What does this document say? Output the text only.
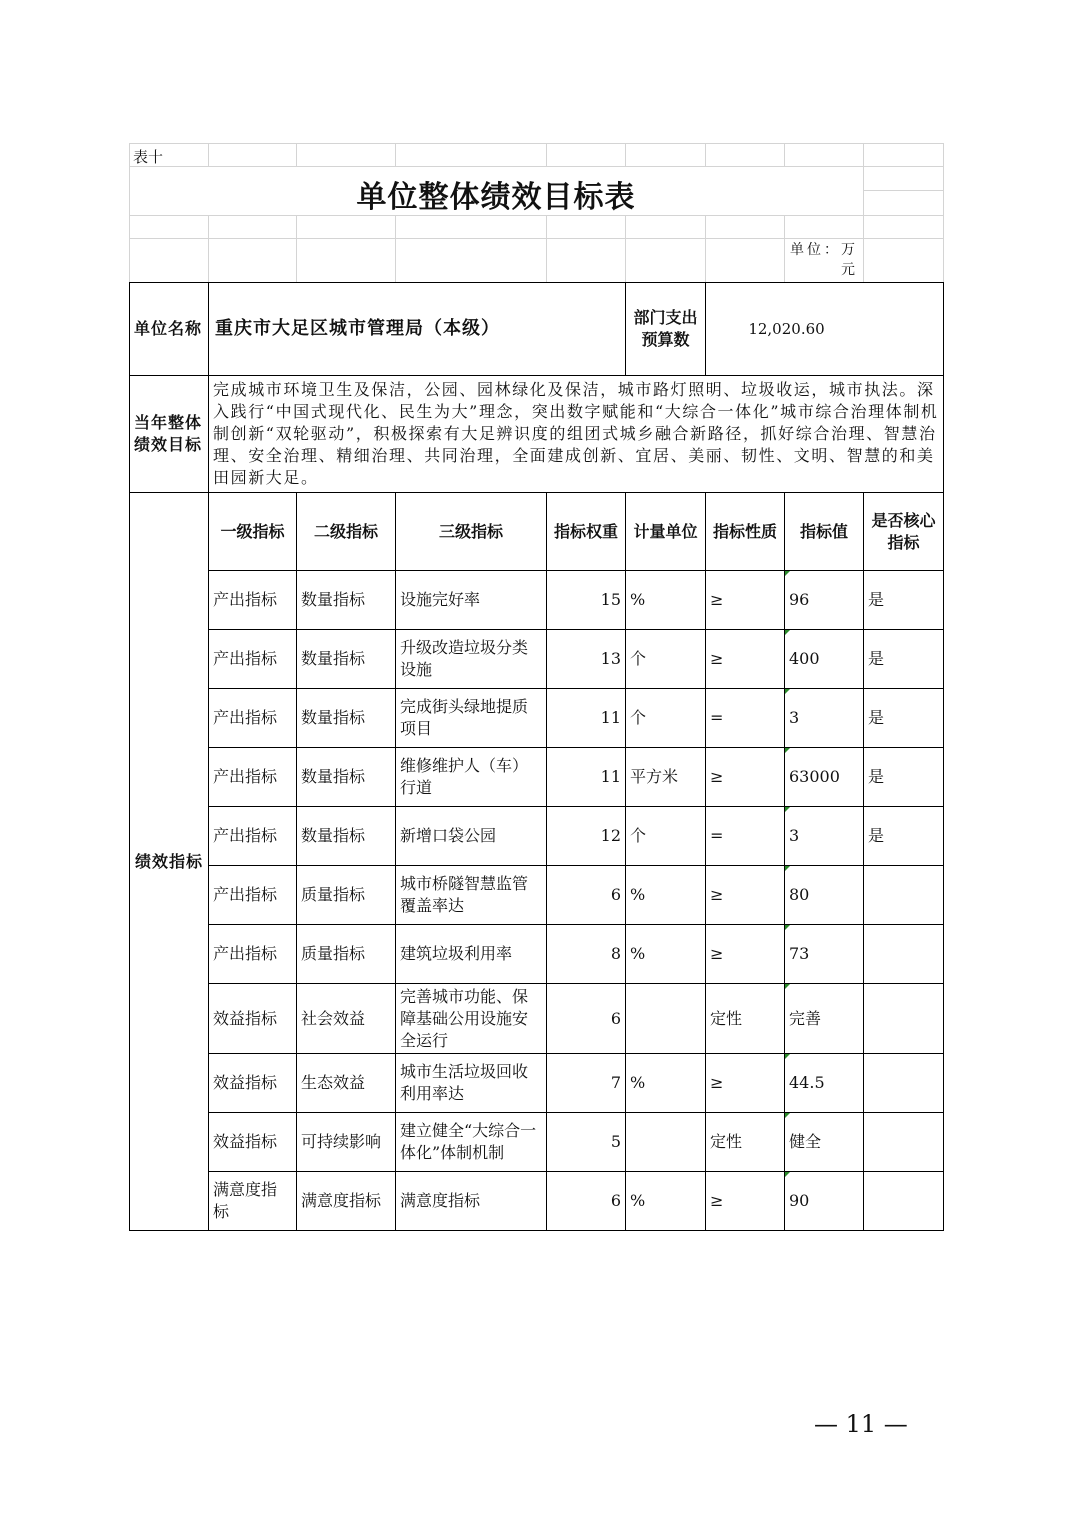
表十
单位整体绩效目标表
单位：万元
单位名称	重庆市大足区城市管理局（本级）				部门支出预算数	12,020.60		
当年整体绩效目标	完成城市环境卫生及保洁，公园、园林绿化及保洁，城市路灯照明、垃圾收运，城市执法。深入践行“中国式现代化、民生为大”理念，突出数字赋能和“大综合一体化”城市综合治理体制机制创新“双轮驱动”，积极探索有大足辨识度的组团式城乡融合新路径，抓好综合治理、智慧治理、安全治理、精细治理、共同治理，全面建成创新、宜居、美丽、韧性、文明、智慧的和美田园新大足。							
绩效指标	一级指标	二级指标	三级指标	指标权重	计量单位	指标性质	指标值	是否核心指标
	产出指标	数量指标	设施完好率	15	%	≥	96	是
	产出指标	数量指标	升级改造垃圾分类设施	13	个	≥	400	是
	产出指标	数量指标	完成街头绿地提质项目	11	个	=	3	是
	产出指标	数量指标	维修维护人（车）行道	11	平方米	≥	63000	是
	产出指标	数量指标	新增口袋公园	12	个	=	3	是
	产出指标	质量指标	城市桥隧智慧监管覆盖率达	6	%	≥	80	
	产出指标	质量指标	建筑垃圾利用率	8	%	≥	73	
	效益指标	社会效益	完善城市功能、保障基础公用设施安全运行	6		定性	完善	
	效益指标	生态效益	城市生活垃圾回收利用率达	7	%	≥	44.5	
	效益指标	可持续影响	建立健全“大综合一体化”体制机制	5		定性	健全	
	满意度指标	满意度指标	满意度指标	6	%	≥	90	
— 11 —
